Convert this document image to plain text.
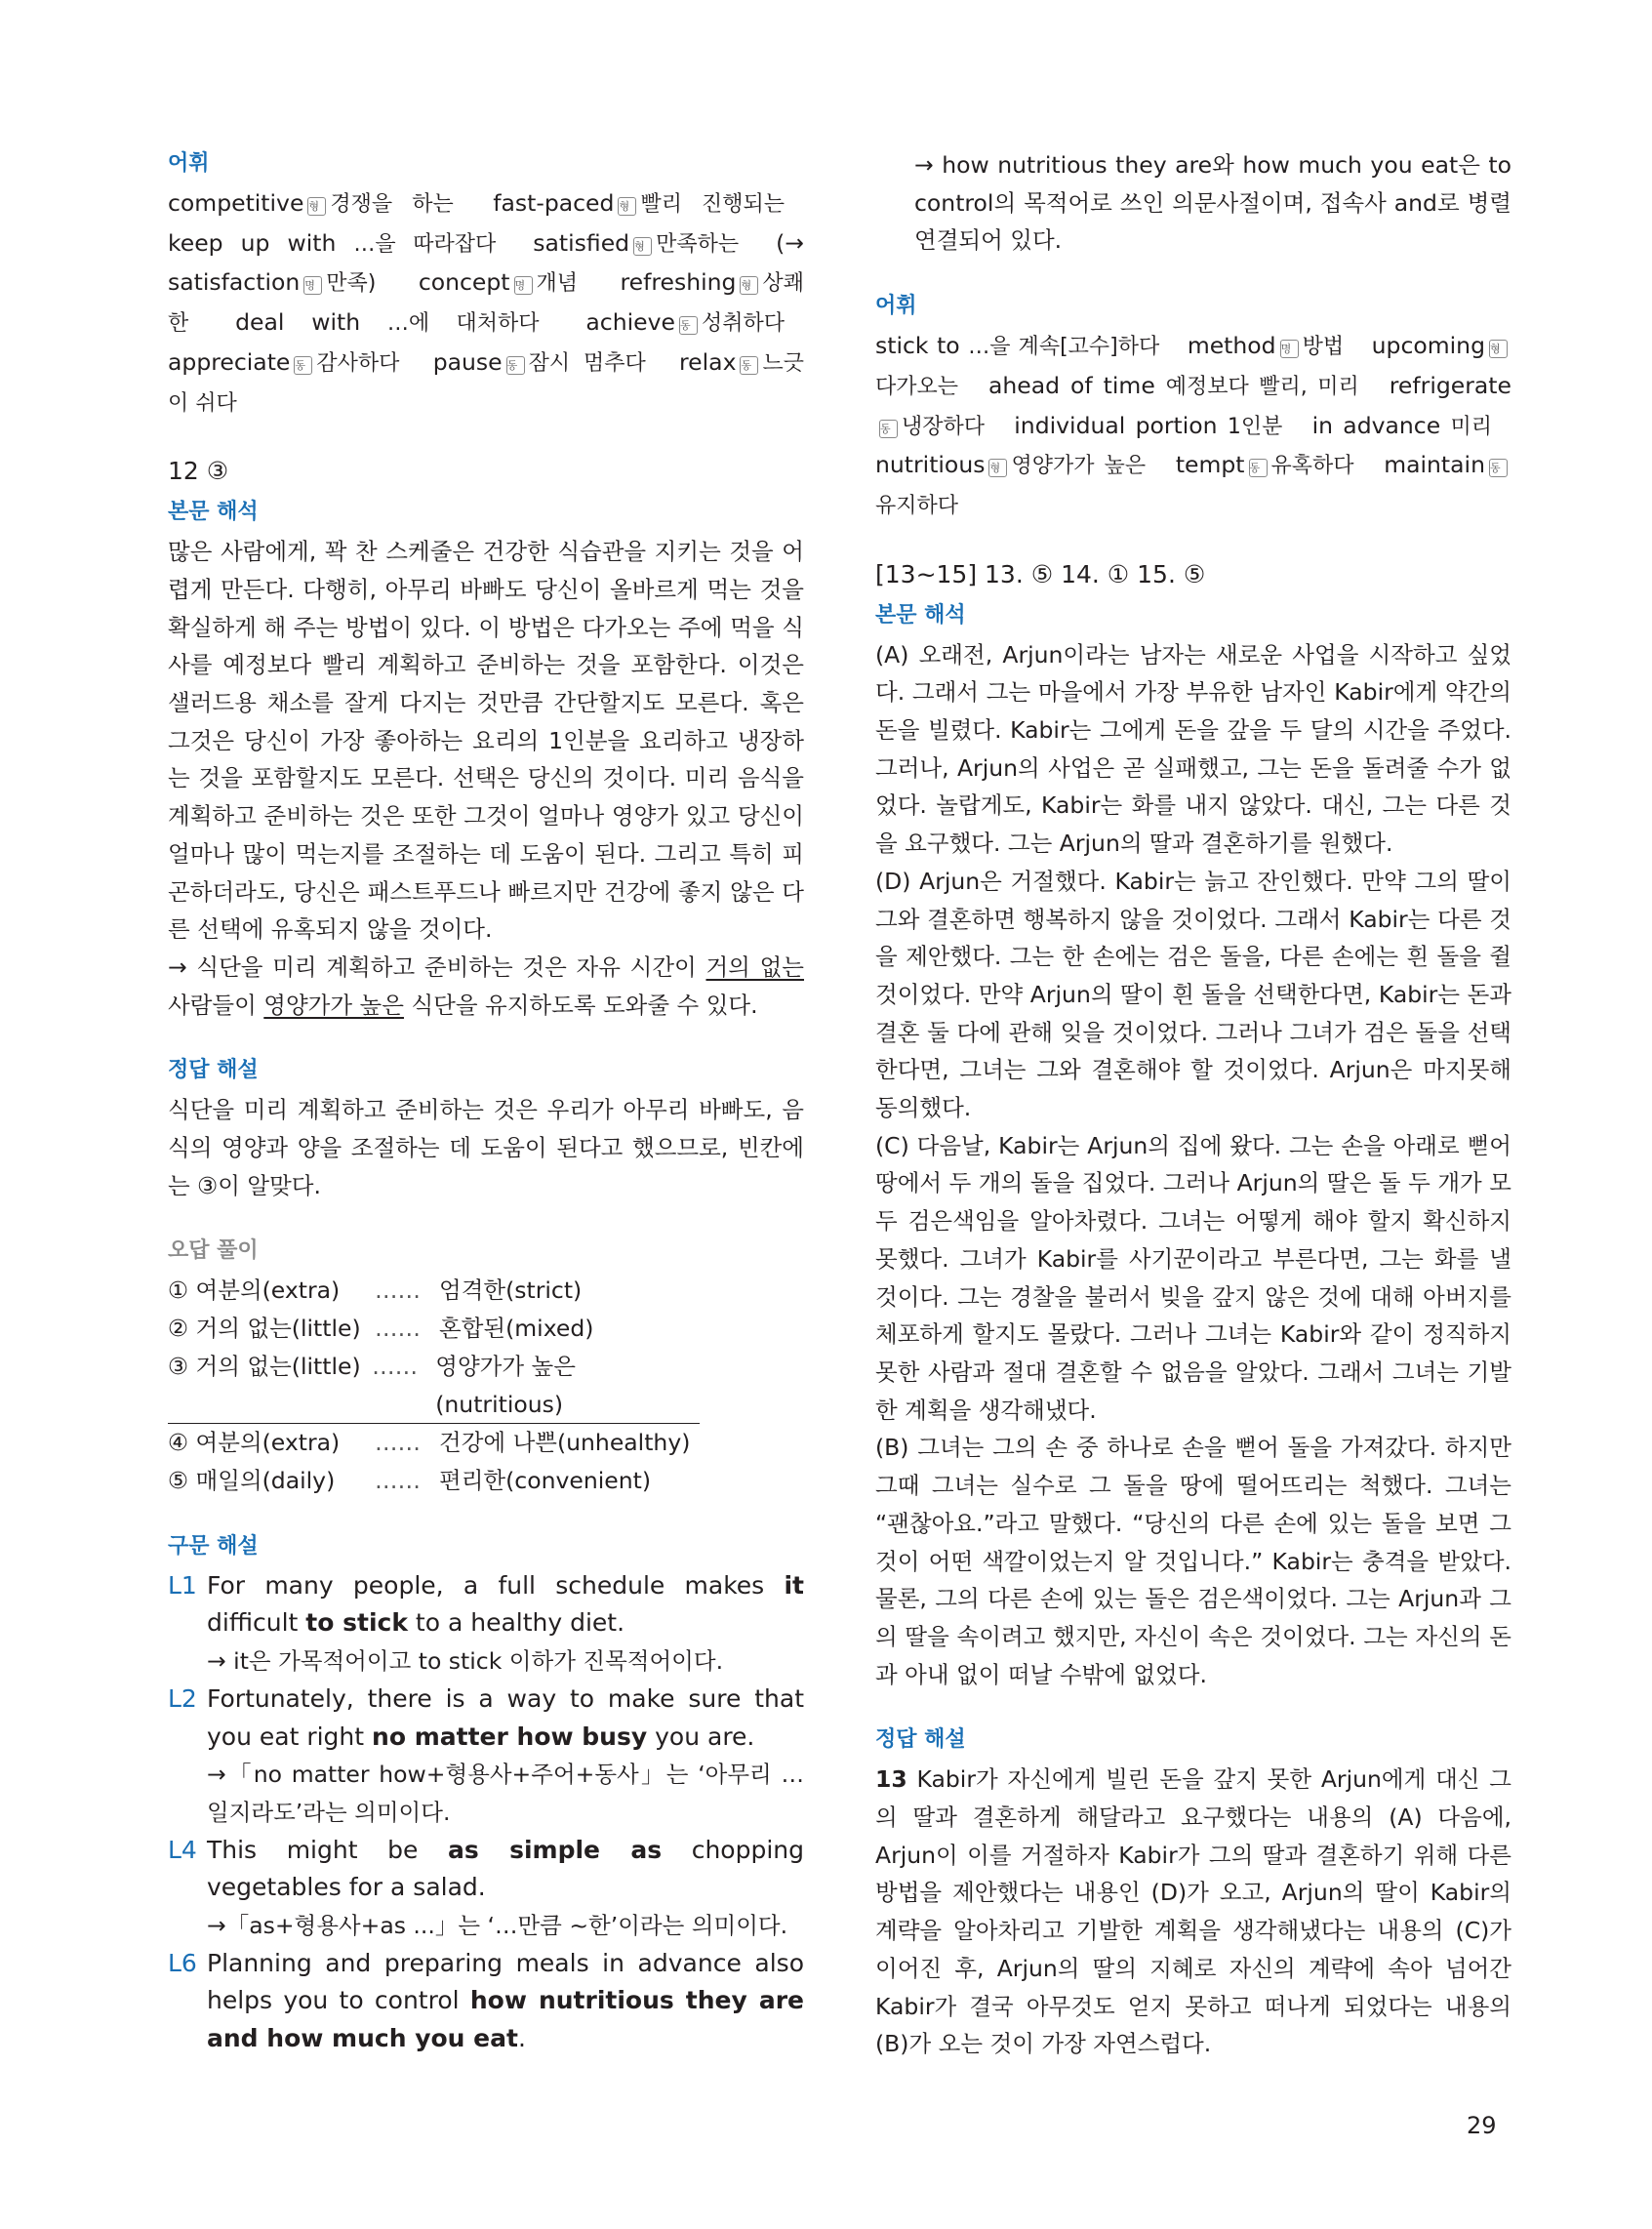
어휘

competitive 형 경쟁을 하는 fast-paced 형 빨리 진행되는 keep up with …을 따라잡다 satisfied 형 만족하는 (→ satisfaction 명 만족) concept 명 개념 refreshing 형 상쾌한 deal with …에 대처하다 achieve 동 성취하다 appreciate 동 감사하다 pause 동 잠시 멈추다 relax 동 느긋이 쉬다

12 ③

본문 해석

많은 사람에게, 꽉 찬 스케줄은 건강한 식습관을 지키는 것을 어렵게 만든다. 다행히, 아무리 바빠도 당신이 올바르게 먹는 것을 확실하게 해 주는 방법이 있다. 이 방법은 다가오는 주에 먹을 식사를 예정보다 빨리 계획하고 준비하는 것을 포함한다. 이것은 샐러드용 채소를 잘게 다지는 것만큼 간단할지도 모른다. 혹은 그것은 당신이 가장 좋아하는 요리의 1인분을 요리하고 냉장하는 것을 포함할지도 모른다. 선택은 당신의 것이다. 미리 음식을 계획하고 준비하는 것은 또한 그것이 얼마나 영양가 있고 당신이 얼마나 많이 먹는지를 조절하는 데 도움이 된다. 그리고 특히 피곤하더라도, 당신은 패스트푸드나 빠르지만 건강에 좋지 않은 다른 선택에 유혹되지 않을 것이다.

→ 식단을 미리 계획하고 준비하는 것은 자유 시간이 거의 없는 사람들이 영양가가 높은 식단을 유지하도록 도와줄 수 있다.

정답 해설

식단을 미리 계획하고 준비하는 것은 우리가 아무리 바빠도, 음식의 영양과 양을 조절하는 데 도움이 된다고 했으므로, 빈칸에는 ③이 알맞다.

오답 풀이

① 여분의(extra)	…… 엄격한(strict)
② 거의 없는(little) …… 혼합된(mixed)
③ 거의 없는(little) …… 영양가가 높은(nutritious)
④ 여분의(extra)	…… 건강에 나쁜(unhealthy)
⑤ 매일의(daily)	…… 편리한(convenient)

구문 해설

L1 For many people, a full schedule makes it difficult to stick to a healthy diet.

→ it은 가목적어이고 to stick 이하가 진목적어이다.

L2 Fortunately, there is a way to make sure that you eat right no matter how busy you are.

→「no matter how+형용사+주어+동사」는 ‘아무리 …일지라도’라는 의미이다.

L4 This might be as simple as chopping vegetables for a salad.

→「as+형용사+as ...」는 ‘…만큼 ~한’이라는 의미이다.

L6 Planning and preparing meals in advance also helps you to control how nutritious they are and how much you eat.

→ how nutritious they are와 how much you eat은 to control의 목적어로 쓰인 의문사절이며, 접속사 and로 병렬 연결되어 있다.

어휘

stick to …을 계속[고수]하다 method 명 방법 upcoming 형다가오는 ahead of time 예정보다 빨리, 미리 refrigerate동 냉장하다 individual portion 1인분 in advance 미리 nutritious 형 영양가가 높은 tempt 동 유혹하다 maintain 동유지하다

[13~15] 13. ⑤ 14. ① 15. ⑤

본문 해석

(A) 오래전, Arjun이라는 남자는 새로운 사업을 시작하고 싶었다. 그래서 그는 마을에서 가장 부유한 남자인 Kabir에게 약간의 돈을 빌렸다. Kabir는 그에게 돈을 갚을 두 달의 시간을 주었다. 그러나, Arjun의 사업은 곧 실패했고, 그는 돈을 돌려줄 수가 없었다. 놀랍게도, Kabir는 화를 내지 않았다. 대신, 그는 다른 것을 요구했다. 그는 Arjun의 딸과 결혼하기를 원했다.

(D) Arjun은 거절했다. Kabir는 늙고 잔인했다. 만약 그의 딸이 그와 결혼하면 행복하지 않을 것이었다. 그래서 Kabir는 다른 것을 제안했다. 그는 한 손에는 검은 돌을, 다른 손에는 흰 돌을 쥘 것이었다. 만약 Arjun의 딸이 흰 돌을 선택한다면, Kabir는 돈과 결혼 둘 다에 관해 잊을 것이었다. 그러나 그녀가 검은 돌을 선택한다면, 그녀는 그와 결혼해야 할 것이었다. Arjun은 마지못해 동의했다.

(C) 다음날, Kabir는 Arjun의 집에 왔다. 그는 손을 아래로 뻗어 땅에서 두 개의 돌을 집었다. 그러나 Arjun의 딸은 돌 두 개가 모두 검은색임을 알아차렸다. 그녀는 어떻게 해야 할지 확신하지 못했다. 그녀가 Kabir를 사기꾼이라고 부른다면, 그는 화를 낼 것이다. 그는 경찰을 불러서 빚을 갚지 않은 것에 대해 아버지를 체포하게 할지도 몰랐다. 그러나 그녀는 Kabir와 같이 정직하지 못한 사람과 절대 결혼할 수 없음을 알았다. 그래서 그녀는 기발한 계획을 생각해냈다.

(B) 그녀는 그의 손 중 하나로 손을 뻗어 돌을 가져갔다. 하지만 그때 그녀는 실수로 그 돌을 땅에 떨어뜨리는 척했다. 그녀는 “괜찮아요.”라고 말했다. “당신의 다른 손에 있는 돌을 보면 그것이 어떤 색깔이었는지 알 것입니다.” Kabir는 충격을 받았다. 물론, 그의 다른 손에 있는 돌은 검은색이었다. 그는 Arjun과 그의 딸을 속이려고 했지만, 자신이 속은 것이었다. 그는 자신의 돈과 아내 없이 떠날 수밖에 없었다.

정답 해설

13 Kabir가 자신에게 빌린 돈을 갚지 못한 Arjun에게 대신 그의 딸과 결혼하게 해달라고 요구했다는 내용의 (A) 다음에, Arjun이 이를 거절하자 Kabir가 그의 딸과 결혼하기 위해 다른 방법을 제안했다는 내용인 (D)가 오고, Arjun의 딸이 Kabir의 계략을 알아차리고 기발한 계획을 생각해냈다는 내용의 (C)가 이어진 후, Arjun의 딸의 지혜로 자신의 계략에 속아 넘어간 Kabir가 결국 아무것도 얻지 못하고 떠나게 되었다는 내용의 (B)가 오는 것이 가장 자연스럽다.

29
